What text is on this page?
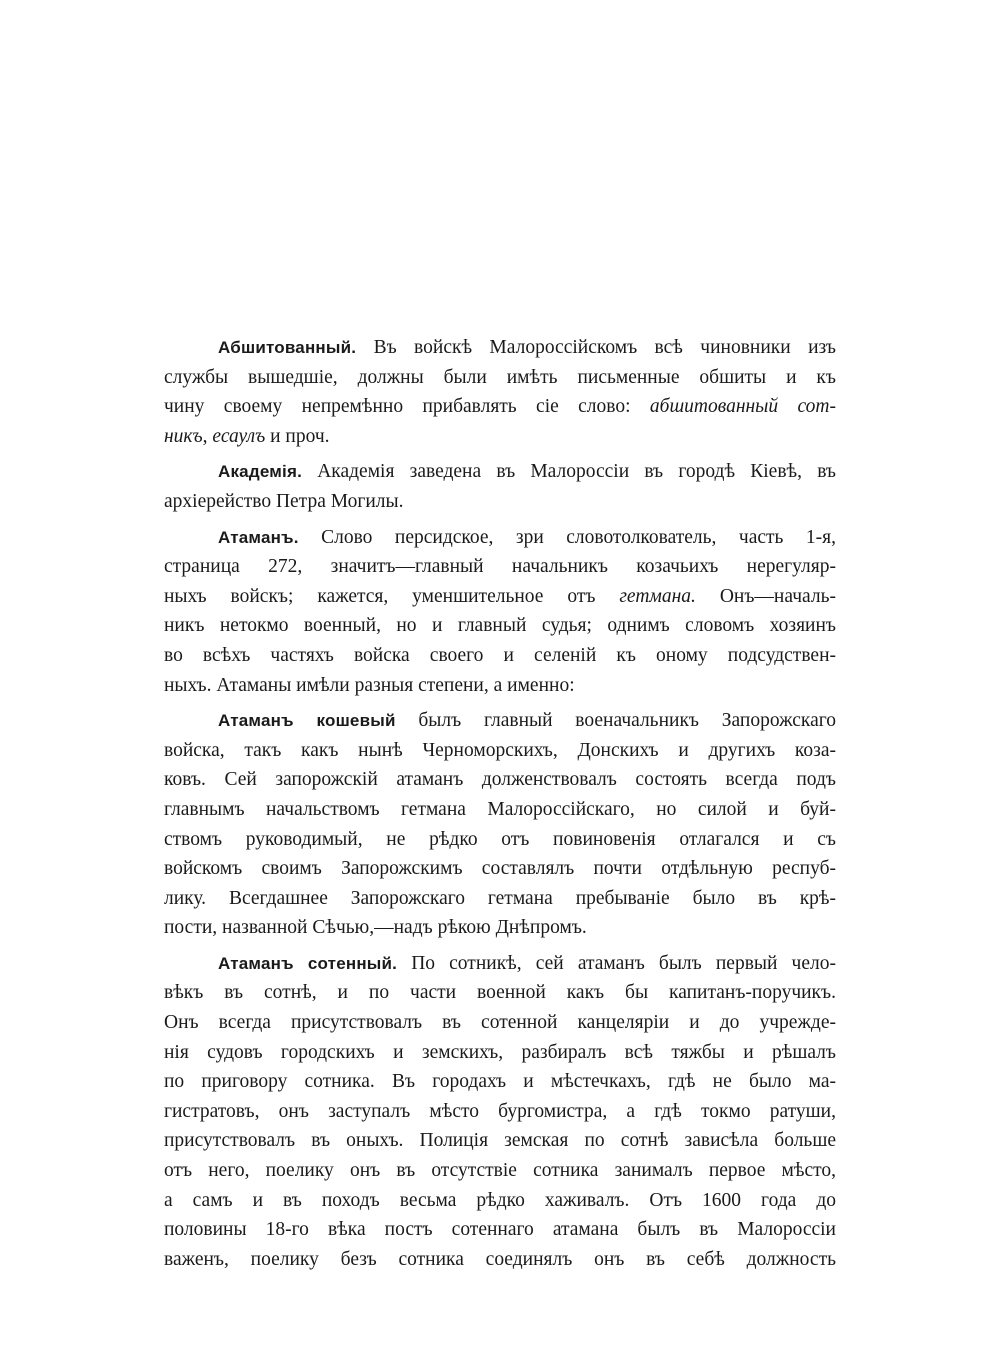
Абшитованный. Въ войскѣ Малороссійскомъ всѣ чиновники изъ
службы вышедшіе, должны были имѣть письменные обшиты и къ
чину своему непремѣнно прибавлять сіе слово: абшитованный сот-
никъ, есаулъ и проч.
Академія. Академія заведена въ Малороссіи въ городѣ Кіевѣ, въ
архіерейство Петра Могилы.
Атаманъ. Слово персидское, зри словотолкователь, часть 1-я,
страница 272, значитъ—главный начальникъ козачьихъ нерегуляр-
ныхъ войскъ; кажется, уменшительное отъ гетмана. Онъ—началь-
никъ нетокмо военный, но и главный судья; однимъ словомъ хозяинъ
во всѣхъ частяхъ войска своего и селеній къ оному подсудствен-
ныхъ. Атаманы имѣли разныя степени, а именно:
Атаманъ кошевый былъ главный военачальникъ Запорожскаго
войска, такъ какъ нынѣ Черноморскихъ, Донскихъ и другихъ коза-
ковъ. Сей запорожскій атаманъ долженствовалъ состоять всегда подъ
главнымъ начальствомъ гетмана Малороссійскаго, но силой и буй-
ствомъ руководимый, не рѣдко отъ повиновенія отлагался и съ
войскомъ своимъ Запорожскимъ составлялъ почти отдѣльную респуб-
лику. Всегдашнее Запорожскаго гетмана пребываніе было въ крѣ-
пости, названной Сѣчью,—надъ рѣкою Днѣпромъ.
Атаманъ сотенный. По сотникѣ, сей атаманъ былъ первый чело-
вѣкъ въ сотнѣ, и по части военной какъ бы капитанъ-поручикъ.
Онъ всегда присутствовалъ въ сотенной канцеляріи и до учрежде-
нія судовъ городскихъ и земскихъ, разбиралъ всѣ тяжбы и рѣшалъ
по приговору сотника. Въ городахъ и мѣстечкахъ, гдѣ не было ма-
гистратовъ, онъ заступалъ мѣсто бургомистра, а гдѣ токмо ратуши,
присутствовалъ въ оныхъ. Полиція земская по сотнѣ зависѣла больше
отъ него, поелику онъ въ отсутствіе сотника занималъ первое мѣсто,
а самъ и въ походъ весьма рѣдко хаживалъ. Отъ 1600 года до
половины 18-го вѣка постъ сотеннаго атамана былъ въ Малороссіи
важенъ, поелику безъ сотника соединялъ онъ въ себѣ должность
